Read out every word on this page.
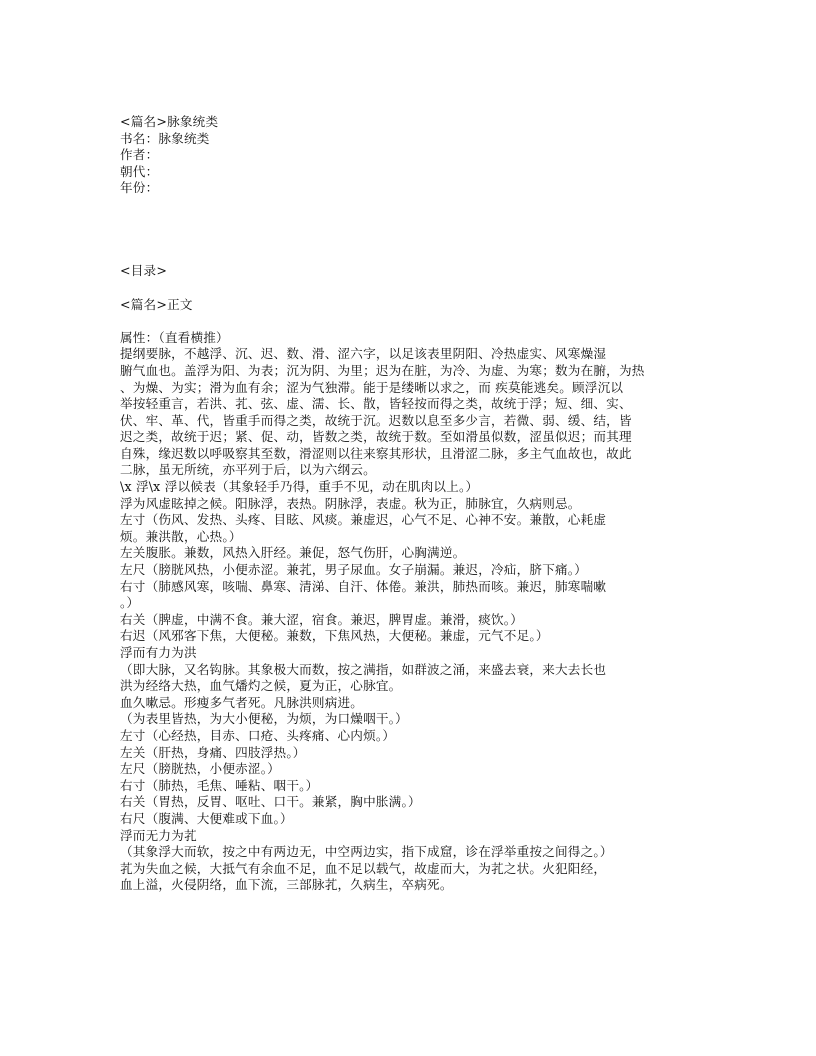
<篇名>脉象统类
书名：脉象统类
作者：
朝代：
年份：
<目录>
<篇名>正文
属性：（直看横推）
提纲要脉，不越浮、沉、迟、数、滑、涩六字，以足该表里阴阳、冷热虚实、风寒燥湿
腑气血也。盖浮为阳、为表；沉为阴、为里；迟为在脏，为冷、为虚、为寒；数为在腑，为热
、为燥、为实；滑为血有余；涩为气独滞。能于是缕晰以求之，而 疾莫能逃矣。顾浮沉以
举按轻重言，若洪、芤、弦、虚、濡、长、散，皆轻按而得之类，故统于浮；短、细、实、
伏、牢、革、代，皆重手而得之类，故统于沉。迟数以息至多少言，若微、弱、缓、结，皆
迟之类，故统于迟；紧、促、动，皆数之类，故统于数。至如滑虽似数，涩虽似迟；而其理
自殊，缘迟数以呼吸察其至数，滑涩则以往来察其形状，且滑涩二脉，多主气血故也，故此
二脉，虽无所统，亦平列于后，以为六纲云。
\x 浮\x 浮以候表（其象轻手乃得，重手不见，动在肌肉以上。）
浮为风虚眩掉之候。阳脉浮，表热。阴脉浮，表虚。秋为正，肺脉宜，久病则忌。
左寸（伤风、发热、头疼、目眩、风痰。兼虚迟，心气不足、心神不安。兼散，心耗虚
烦。兼洪散，心热。）
左关腹胀。兼数，风热入肝经。兼促，怒气伤肝，心胸满逆。
左尺（膀胱风热，小便赤涩。兼芤，男子尿血。女子崩漏。兼迟，冷疝，脐下痛。）
右寸（肺感风寒，咳喘、鼻寒、清涕、自汗、体倦。兼洪，肺热而咳。兼迟，肺寒喘嗽
。）
右关（脾虚，中满不食。兼大涩，宿食。兼迟，脾胃虚。兼滑，痰饮。）
右迟（风邪客下焦，大便秘。兼数，下焦风热，大便秘。兼虚，元气不足。）
浮而有力为洪
（即大脉，又名钩脉。其象极大而数，按之满指，如群波之涌，来盛去衰，来大去长也
洪为经络大热，血气燔灼之候，夏为正，心脉宜。
血久嗽忌。形瘦多气者死。凡脉洪则病进。
（为表里皆热，为大小便秘，为烦，为口燥咽干。）
左寸（心经热，目赤、口疮、头疼痛、心内烦。）
左关（肝热，身痛、四肢浮热。）
左尺（膀胱热，小便赤涩。）
右寸（肺热，毛焦、唾粘、咽干。）
右关（胃热，反胃、呕吐、口干。兼紧，胸中胀满。）
右尺（腹满、大便难或下血。）
浮而无力为芤
（其象浮大而软，按之中有两边无，中空两边实，指下成窟，诊在浮举重按之间得之。）
芤为失血之候，大抵气有余血不足，血不足以载气，故虚而大，为芤之状。火犯阳经，
血上溢，火侵阴络，血下流，三部脉芤，久病生，卒病死。
